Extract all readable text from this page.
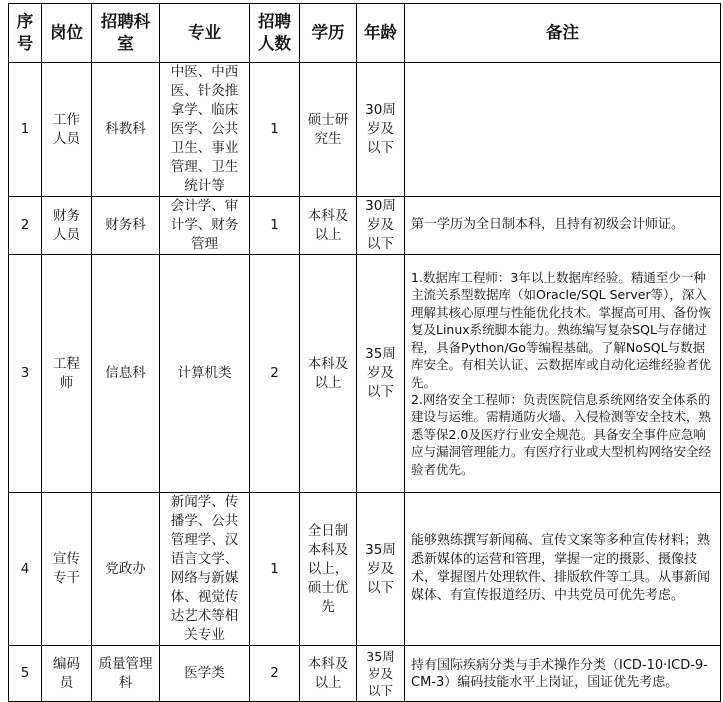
序号	岗位	招聘科室	专业	招聘人数	学历	年龄	备注
1	工作人员	科教科	中医、中西医、针灸推拿学、临床医学、公共卫生、事业管理、卫生统计等	1	硕士研究生	30周岁及以下	

2	财务人员	财务科	会计学、审计学、财务管理	1	本科及以上	30周岁及以下	第一学历为全日制本科，且持有初级会计师证。

3	工程师	信息科	计算机类	2	本科及以上	35周岁及以下	1.数据库工程师：3年以上数据库经验。精通至少一种主流关系型数据库（如Oracle/SQL Server等），深入理解其核心原理与性能优化技术。掌握高可用、备份恢复及Linux系统脚本能力。熟练编写复杂SQL与存储过程，具备Python/Go等编程基础。了解NoSQL与数据库安全。有相关认证、云数据库或自动化运维经验者优先。
2.网络安全工程师：负责医院信息系统网络安全体系的建设与运维。需精通防火墙、入侵检测等安全技术，熟悉等保2.0及医疗行业安全规范。具备安全事件应急响应与漏洞管理能力。有医疗行业或大型机构网络安全经验者优先。

4	宣传专干	党政办	新闻学、传播学、公共管理学、汉语言文学、网络与新媒体、视觉传达艺术等相关专业	1	全日制本科及以上，硕士优先	35周岁及以下	能够熟练撰写新闻稿、宣传文案等多种宣传材料；熟悉新媒体的运营和管理，掌握一定的摄影、摄像技术，掌握图片处理软件、排版软件等工具。从事新闻媒体、有宣传报道经历、中共党员可优先考虑。

5	编码员	质量管理科	医学类	2	本科及以上	35周岁及以下	持有国际疾病分类与手术操作分类（ICD-10·ICD-9-CM-3）编码技能水平上岗证，国证优先考虑。
